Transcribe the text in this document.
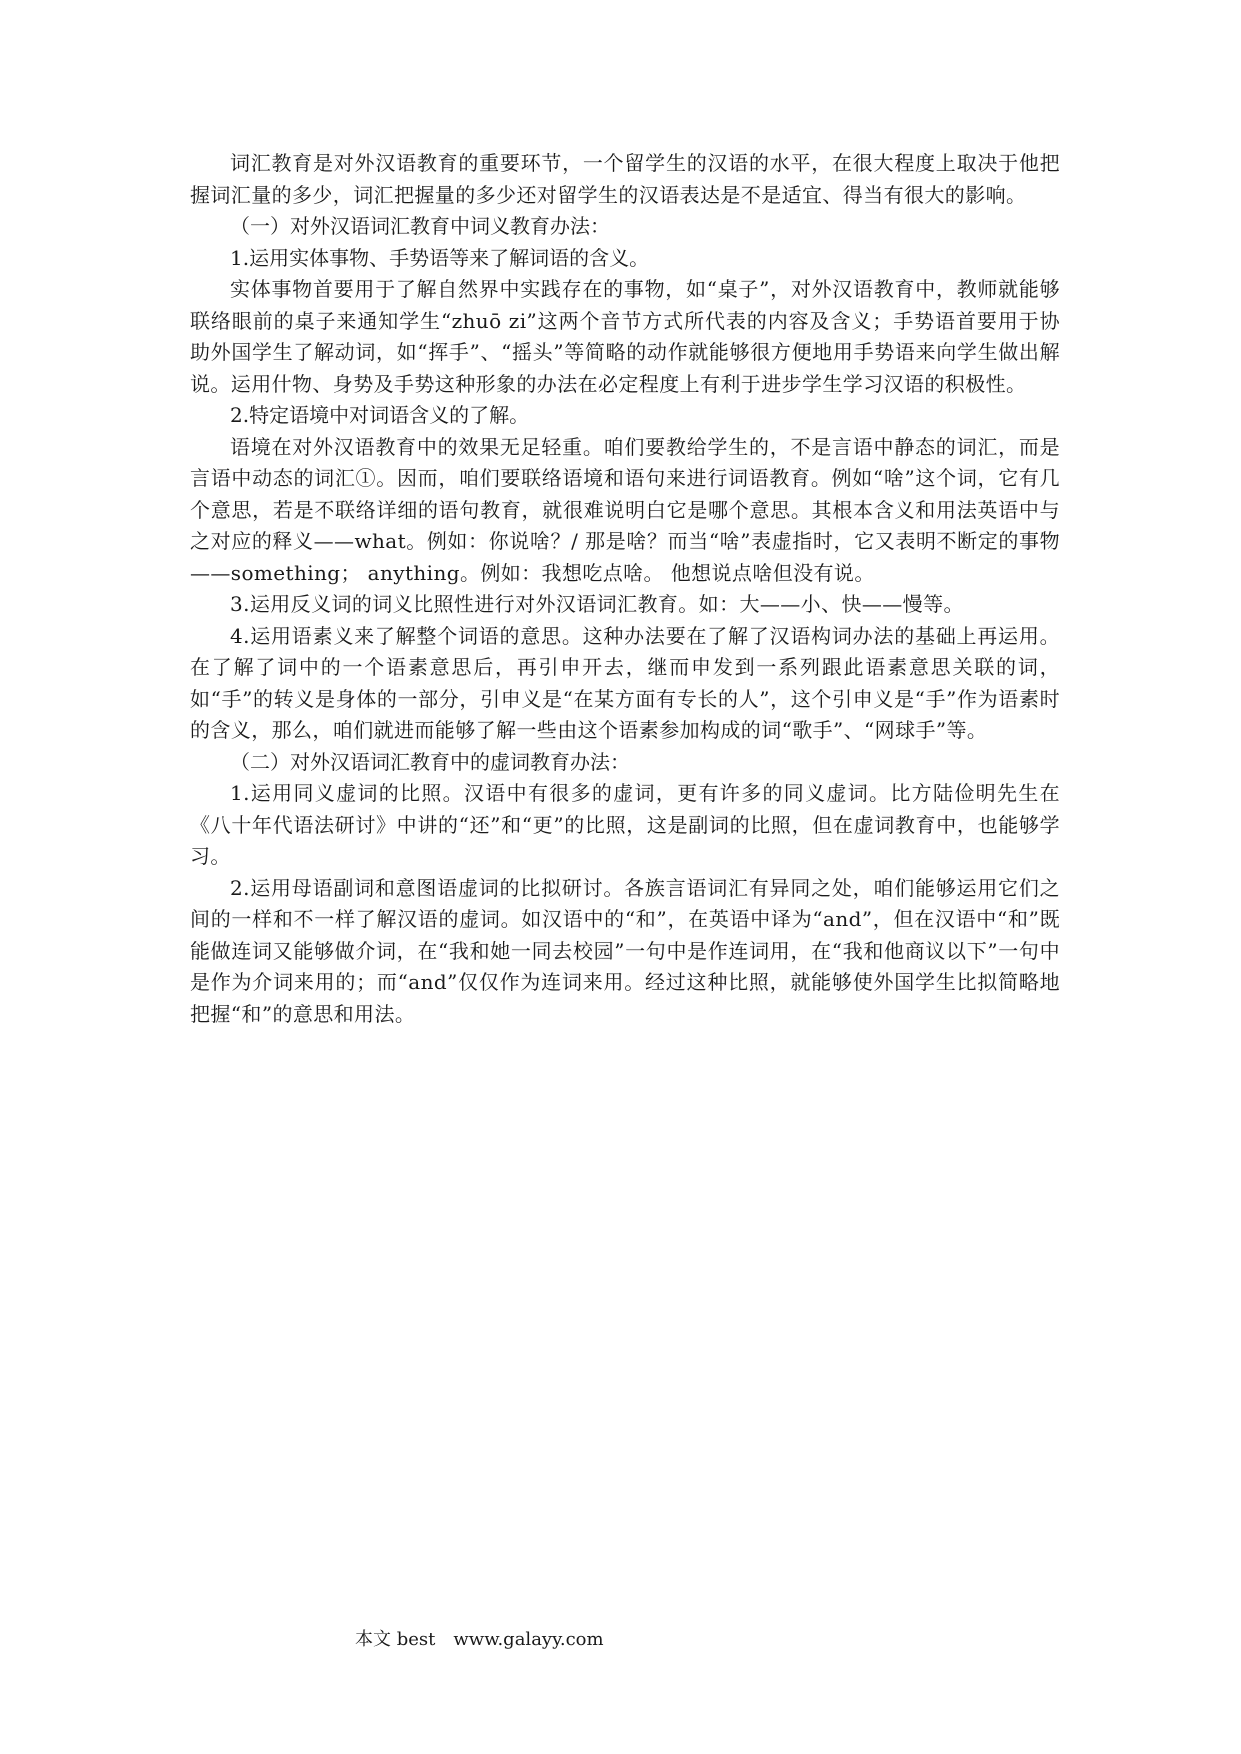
词汇教育是对外汉语教育的重要环节，一个留学生的汉语的水平，在很大程度上取决于他把握词汇量的多少，词汇把握量的多少还对留学生的汉语表达是不是适宜、得当有很大的影响。

（一）对外汉语词汇教育中词义教育办法：

1.运用实体事物、手势语等来了解词语的含义。

实体事物首要用于了解自然界中实践存在的事物，如“桌子”，对外汉语教育中，教师就能够联络眼前的桌子来通知学生“zhuō zi”这两个音节方式所代表的内容及含义；手势语首要用于协助外国学生了解动词，如“挥手”、“摇头”等简略的动作就能够很方便地用手势语来向学生做出解说。运用什物、身势及手势这种形象的办法在必定程度上有利于进步学生学习汉语的积极性。

2.特定语境中对词语含义的了解。

语境在对外汉语教育中的效果无足轻重。咱们要教给学生的，不是言语中静态的词汇，而是言语中动态的词汇①。因而，咱们要联络语境和语句来进行词语教育。例如“啥”这个词，它有几个意思，若是不联络详细的语句教育，就很难说明白它是哪个意思。其根本含义和用法英语中与之对应的释义——what。例如：你说啥？/ 那是啥？而当“啥”表虚指时，它又表明不断定的事物——something； anything。例如：我想吃点啥。 他想说点啥但没有说。

3.运用反义词的词义比照性进行对外汉语词汇教育。如：大——小、快——慢等。

4.运用语素义来了解整个词语的意思。这种办法要在了解了汉语构词办法的基础上再运用。在了解了词中的一个语素意思后，再引申开去，继而申发到一系列跟此语素意思关联的词，如“手”的转义是身体的一部分，引申义是“在某方面有专长的人”，这个引申义是“手”作为语素时的含义，那么，咱们就进而能够了解一些由这个语素参加构成的词“歌手”、“网球手”等。

（二）对外汉语词汇教育中的虚词教育办法：

1.运用同义虚词的比照。汉语中有很多的虚词，更有许多的同义虚词。比方陆俭明先生在《八十年代语法研讨》中讲的“还”和“更”的比照，这是副词的比照，但在虚词教育中，也能够学习。

2.运用母语副词和意图语虚词的比拟研讨。各族言语词汇有异同之处，咱们能够运用它们之间的一样和不一样了解汉语的虚词。如汉语中的“和”，在英语中译为“and”，但在汉语中“和”既能做连词又能够做介词，在“我和她一同去校园”一句中是作连词用，在“我和他商议以下”一句中是作为介词来用的；而“and”仅仅作为连词来用。经过这种比照，就能够使外国学生比拟简略地把握“和”的意思和用法。

本文 best www.galayy.com
